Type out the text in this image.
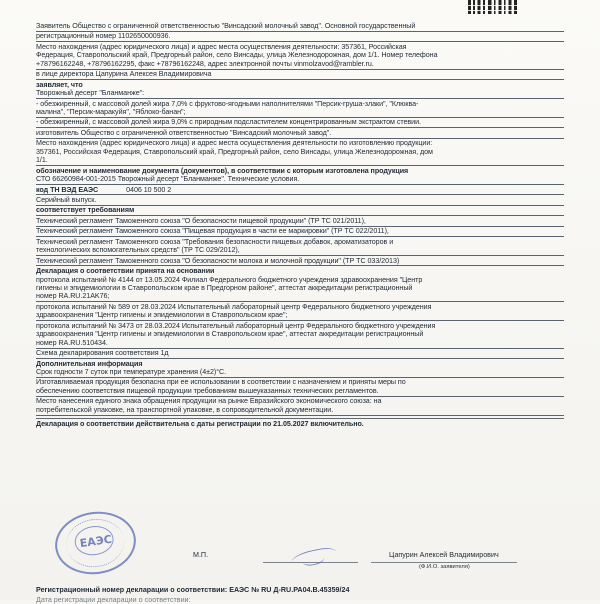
Заявитель Общество с ограниченной ответственностью "Винсадский молочный завод". Основной государственный
регистрационный номер 1102650000936.
Место нахождения (адрес юридического лица) и адрес места осуществления деятельности: 357361, Российская
Федерация, Ставропольский край, Предгорный район, село Винсады, улица Железнодорожная, дом 1/1. Номер телефона
+78796162248, +78796162295, факс +78796162248, адрес электронной почты vinmolzavod@rambler.ru.
в лице директора Цапурина Алексея Владимировича
заявляет, что
Творожный десерт "Бланманже":
- обезжиренный, с массовой долей жира 7,0% с фруктово-ягодными наполнителями "Персик-груша-злаки", "Клюква-
малина", "Персик-маракуйя", "Яблоко-банан";
- обезжиренный, с массовой долей жира 9,0% с природным подсластителем концентрированным экстрактом стевии.
изготовитель Общество с ограниченной ответственностью "Винсадский молочный завод".
Место нахождения (адрес юридического лица) и адрес места осуществления деятельности по изготовлению продукции:
357361, Российская Федерация, Ставропольский край, Предгорный район, село Винсады, улица Железнодорожная, дом
1/1.
обозначение и наименование документа (документов), в соответствии с которым изготовлена продукция
СТО 66260984-001-2015 Творожный десерт "Бланманже". Технические условия.
код ТН ВЭД ЕАЭС	0406 10 500 2
Серийный выпуск.
соответствует требованиям
Технический регламент Таможенного союза "О безопасности пищевой продукции" (ТР ТС 021/2011),
Технический регламент Таможенного союза "Пищевая продукция в части ее маркировки" (ТР ТС 022/2011),
Технический регламент Таможенного союза "Требования безопасности пищевых добавок, ароматизаторов и
технологических вспомогательных средств" (ТР ТС 029/2012),
Технический регламент Таможенного союза "О безопасности молока и молочной продукции" (ТР ТС 033/2013)
Декларация о соответствии принята на основании
протокола испытаний № 4144 от 13.05.2024 Филиал Федерального бюджетного учреждения здравоохранения "Центр
гигиены и эпидемиологии в Ставропольском крае в Предгорном районе", аттестат аккредитации регистрационный
номер RA.RU.21AK76;
протокола испытаний № 589 от 28.03.2024 Испытательный лабораторный центр Федерального бюджетного учреждения
здравоохранения "Центр гигиены и эпидемиологии в Ставропольском крае";
протокола испытаний № 3473 от 28.03.2024 Испытательный лабораторный центр Федерального бюджетного учреждения
здравоохранения "Центр гигиены и эпидемиологии в Ставропольском крае", аттестат аккредитации регистрационный
номер RA.RU.510434.
Схема декларирования соответствия 1д
Дополнительная информация
Срок годности 7 суток при температуре хранения (4±2)°С.
Изготавливаемая продукция безопасна при ее использовании в соответствии с назначением и приняты меры по
обеспечению соответствия пищевой продукции требованиям вышеуказанных технических регламентов.
Место нанесения единого знака обращения продукции на рынке Евразийского экономического союза: на
потребительской упаковке, на транспортной упаковке, в сопроводительной документации.
Декларация о соответствии действительна с даты регистрации по 21.05.2027 включительно.
ЕАЭС
М.П.	Цапурин Алексей Владимирович
(Ф.И.О. заявителя)
Регистрационный номер декларации о соответствии: ЕАЭС № RU Д-RU.PA04.B.45359/24
Дата регистрации декларации о соответствии:
